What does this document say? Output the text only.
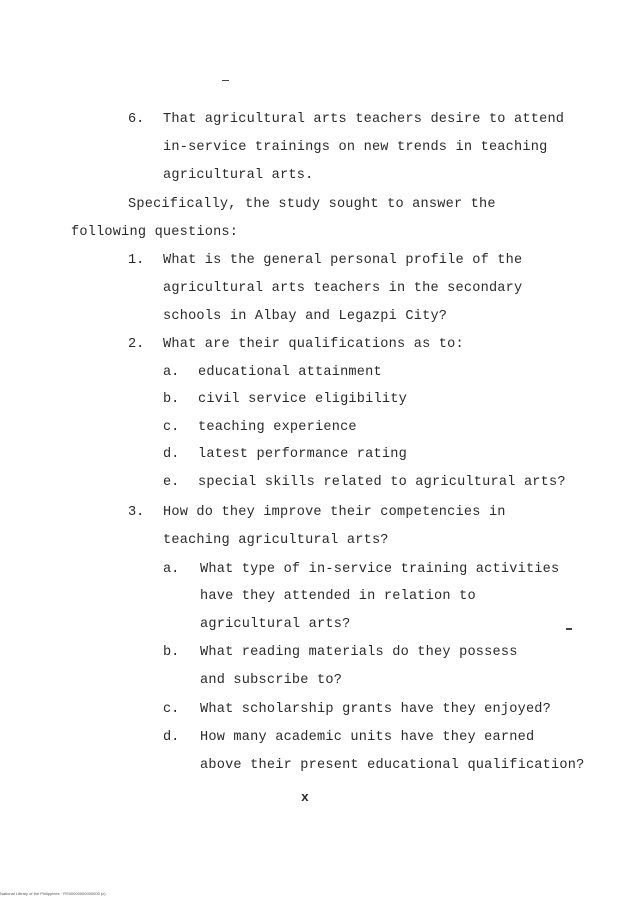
6. That agricultural arts teachers desire to attend
in-service trainings on new trends in teaching
agricultural arts.
Specifically, the study sought to answer the
following questions:
1. What is the general personal profile of the
agricultural arts teachers in the secondary
schools in Albay and Legazpi City?
2. What are their qualifications as to:
a. educational attainment
b. civil service eligibility
c. teaching experience
d. latest performance rating
e. special skills related to agricultural arts?
3. How do they improve their competencies in
teaching agricultural arts?
a. What type of in-service training activities
have they attended in relation to
agricultural arts?
b. What reading materials do they possess
and subscribe to?
c. What scholarship grants have they enjoyed?
d. How many academic units have they earned
above their present educational qualification?
x
National Library of the Philippines · RS00000000000000 (c)
